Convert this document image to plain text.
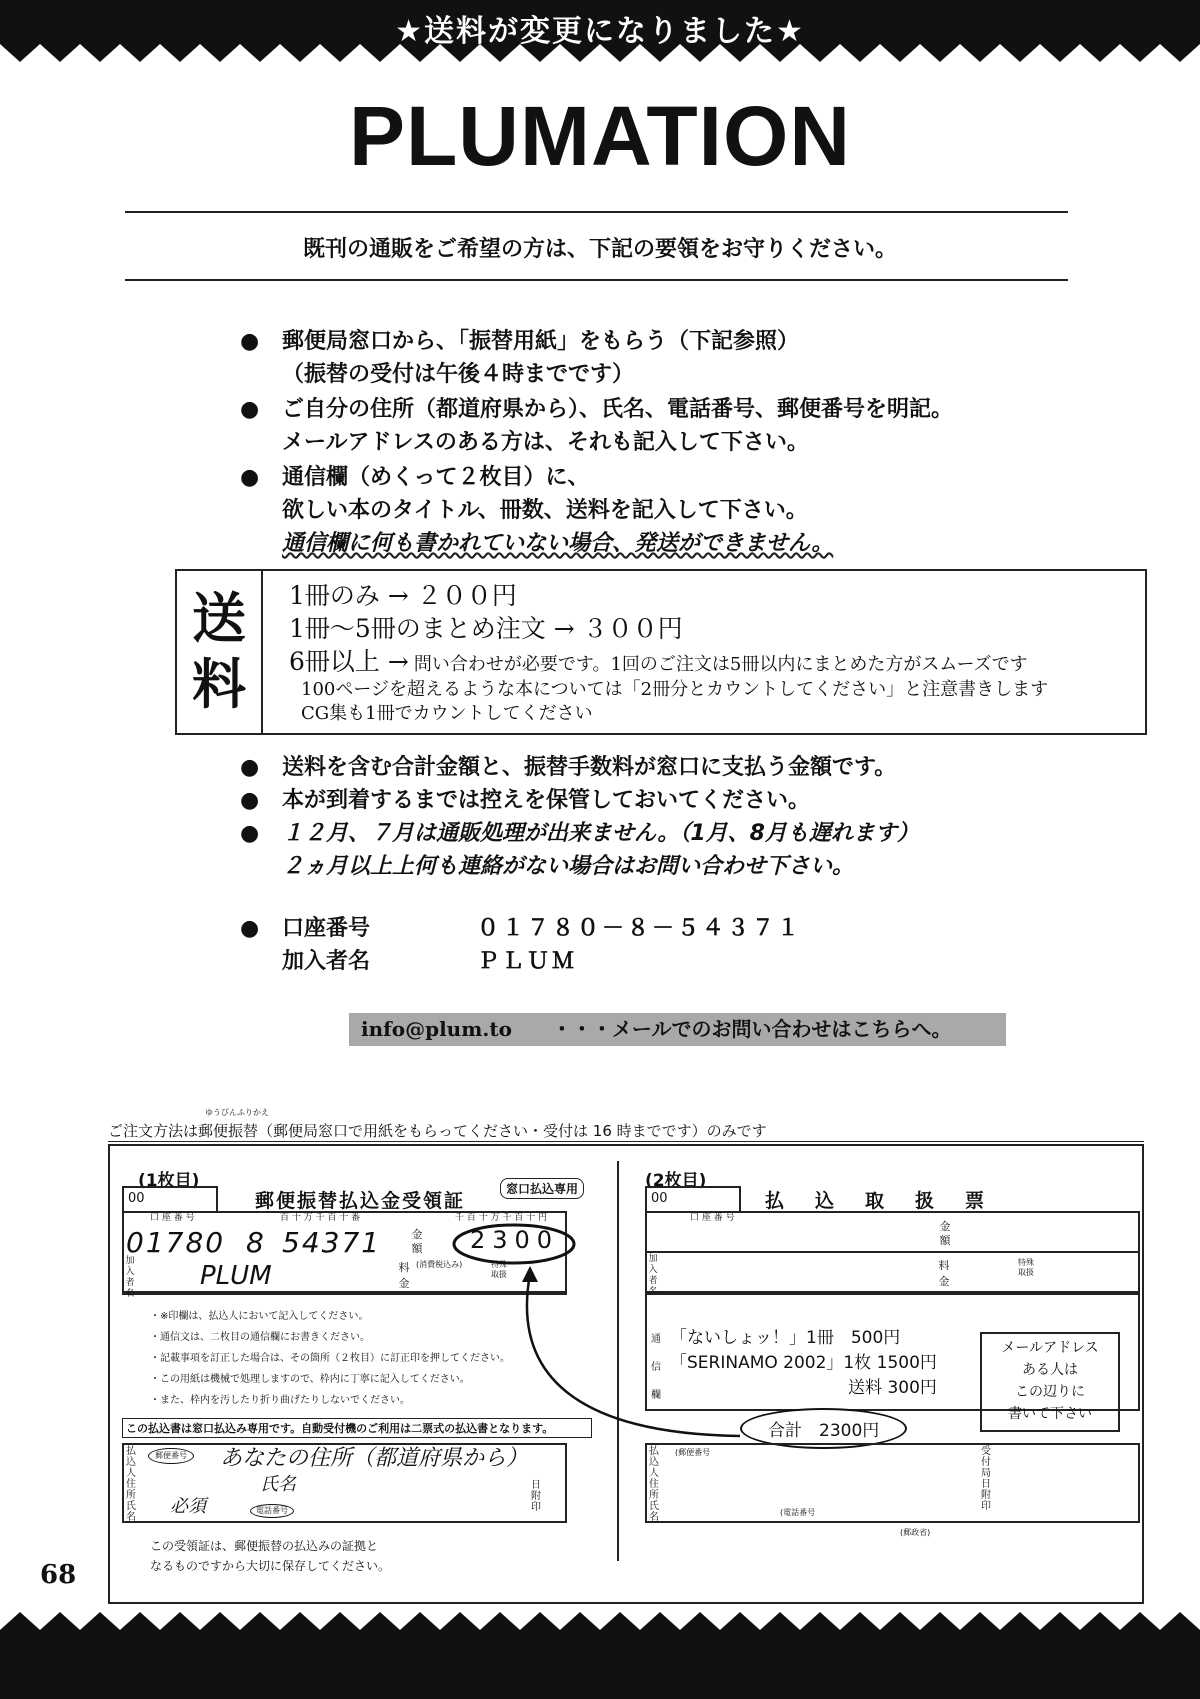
★送料が変更になりました★
PLUMATION
既刊の通販をご希望の方は、下記の要領をお守りください。
● 郵便局窓口から、「振替用紙」をもらう（下記参照）
（振替の受付は午後４時までです）
● ご自分の住所（都道府県から）、氏名、電話番号、郵便番号を明記。
メールアドレスのある方は、それも記入して下さい。
● 通信欄（めくって２枚目）に、
欲しい本のタイトル、冊数、送料を記入して下さい。
通信欄に何も書かれていない場合、発送ができません。
送
料
1冊のみ → ２００円
1冊～5冊のまとめ注文 → ３００円
6冊以上 → 問い合わせが必要です。1回のご注文は5冊以内にまとめた方がスムーズです
100ページを超えるような本については「2冊分とカウントしてください」と注意書きします
CG集も1冊でカウントしてください
● 送料を含む合計金額と、振替手数料が窓口に支払う金額です。
● 本が到着するまでは控えを保管しておいてください。
● １２月、７月は通販処理が出来ません。（1月、8月も遅れます）
２ヵ月以上上何も連絡がない場合はお問い合わせ下さい。
● 口座番号	０１７８０－８－５４３７１
加入者名	ＰＬＵＭ
info@plum.to ・・・メールでのお問い合わせはこちらへ。
ゆうびんふりかえ
ご注文方法は郵便振替（郵便局窓口で用紙をもらってください・受付は 16 時までです）のみです
(1枚目)
00	郵便振替払込金受領証
窓口払込専用
口 座 番 号	百 十 万 千 百 十 番	千 百 十 万 千 百 十 円
01780 8 54371	金額 2300
加入者名
PLUM	料金
(消費税込み)	特殊取扱
・※印欄は、払込人において記入してください。
・通信文は、二枚目の通信欄にお書きください。
・記載事項を訂正した場合は、その箇所（２枚目）に訂正印を押してください。
・この用紙は機械で処理しますので、枠内に丁寧に記入してください。
・また、枠内を汚したり折り曲げたりしないでください。
この払込書は窓口払込み専用です。自動受付機のご利用は二票式の払込書となります。
払込人住所氏名
郵便番号	あなたの住所（都道府県から）
氏名
必須	電話番号
日附印
この受領証は、郵便振替の払込みの証拠と
なるものですから大切に保存してください。
(2枚目)
00	払　込　取　扱　票
口 座 番 号
金額
加入者名
料金
特殊取扱
通信欄
「ないしょッ！」1冊　500円
「SERINAMO 2002」1枚 1500円
送料 300円
合計　2300円
メールアドレス
ある人は
この辺りに
書いて下さい
払込人住所氏名
(郵便番号
(電話番号
(郵政省)
受付局日附印
68
